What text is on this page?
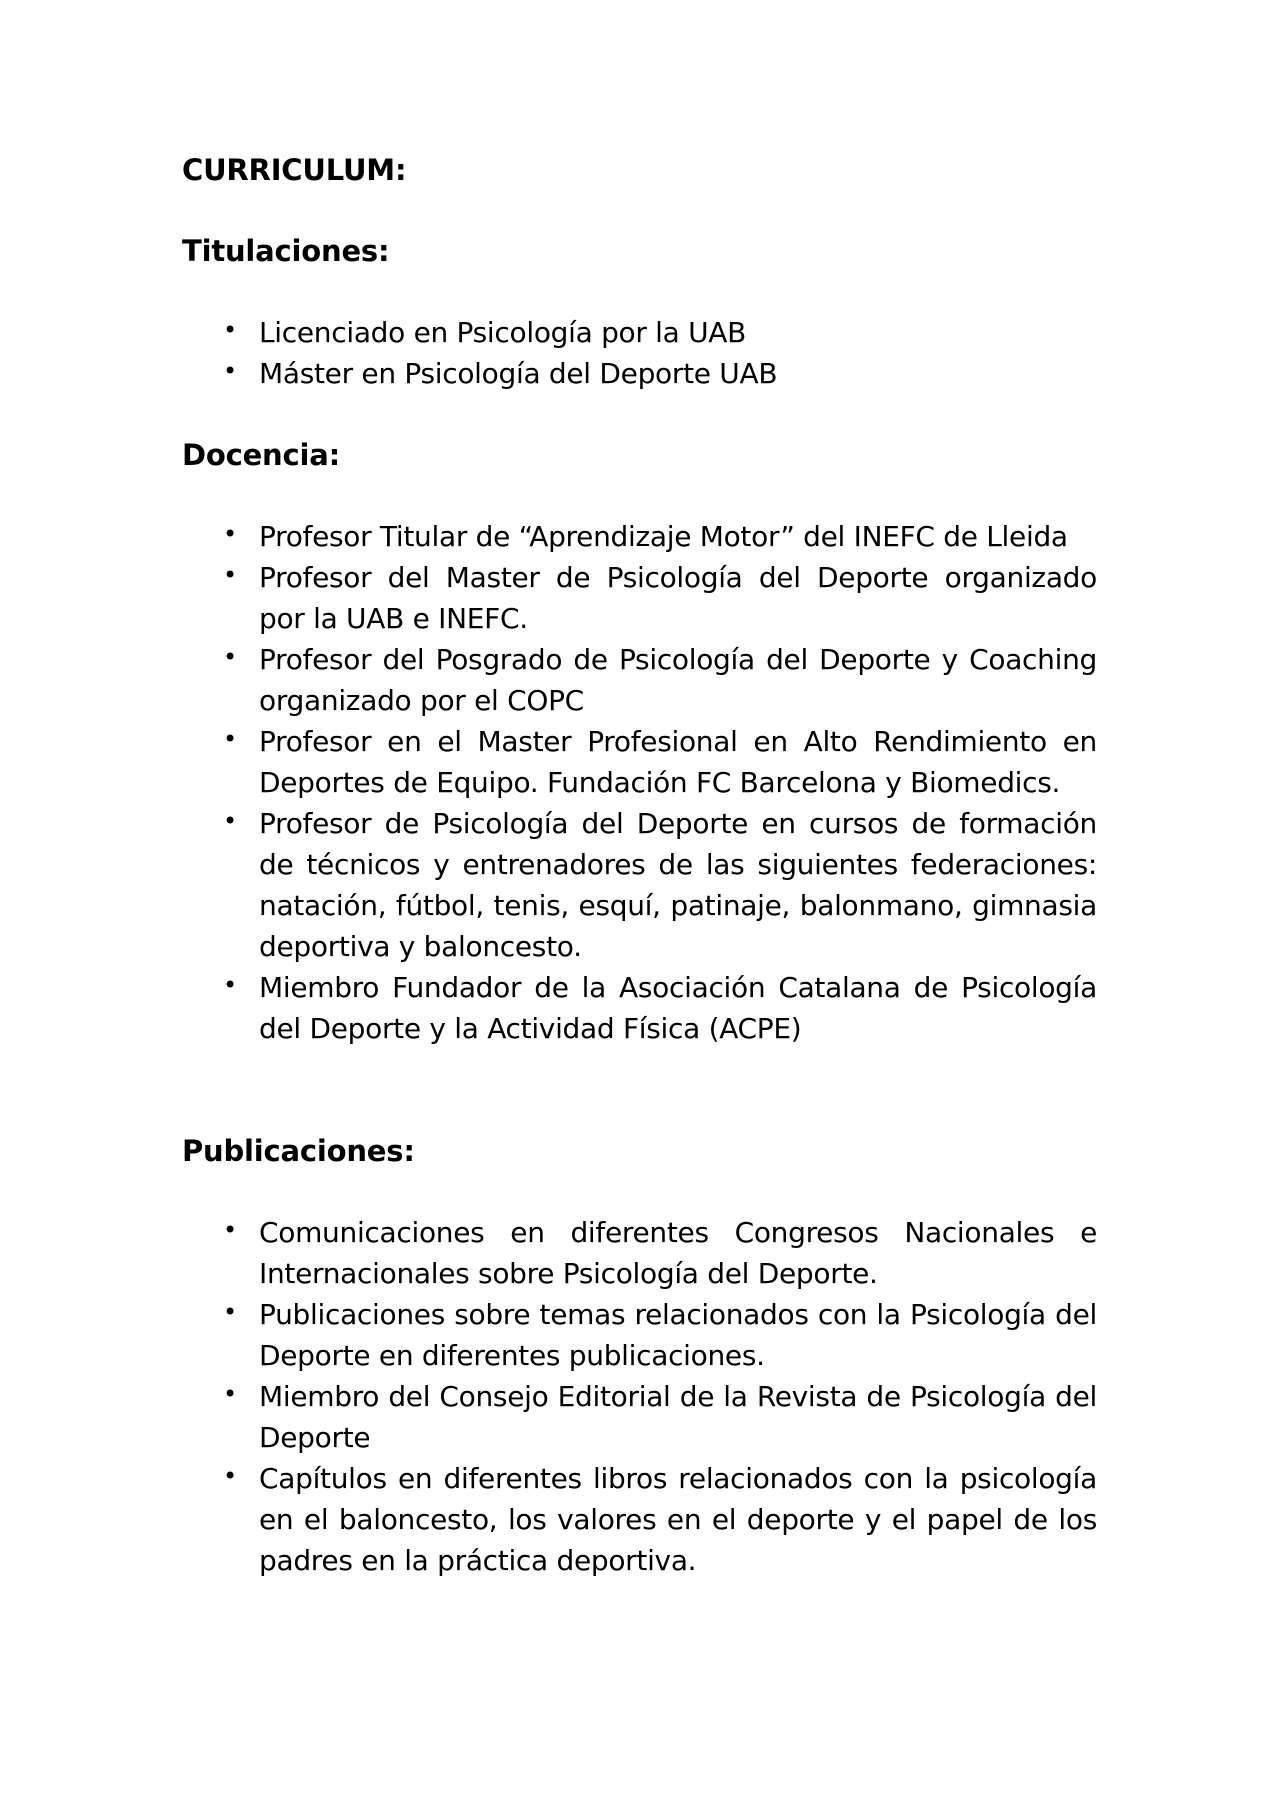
CURRICULUM:
Titulaciones:
• Licenciado en Psicología por la UAB
• Máster en Psicología del Deporte UAB
Docencia:
• Profesor Titular de “Aprendizaje Motor” del INEFC de Lleida
• Profesor del Master de Psicología del Deporte organizado por la UAB e INEFC.
• Profesor del Posgrado de Psicología del Deporte y Coaching organizado por el COPC
• Profesor en el Master Profesional en Alto Rendimiento en Deportes de Equipo. Fundación FC Barcelona y Biomedics.
• Profesor de Psicología del Deporte en cursos de formación de técnicos y entrenadores de las siguientes federaciones: natación, fútbol, tenis, esquí, patinaje, balonmano, gimnasia deportiva y baloncesto.
• Miembro Fundador de la Asociación Catalana de Psicología del Deporte y la Actividad Física (ACPE)
Publicaciones:
• Comunicaciones en diferentes Congresos Nacionales e Internacionales sobre Psicología del Deporte.
• Publicaciones sobre temas relacionados con la Psicología del Deporte en diferentes publicaciones.
• Miembro del Consejo Editorial de la Revista de Psicología del Deporte
• Capítulos en diferentes libros relacionados con la psicología en el baloncesto, los valores en el deporte y el papel de los padres en la práctica deportiva.
